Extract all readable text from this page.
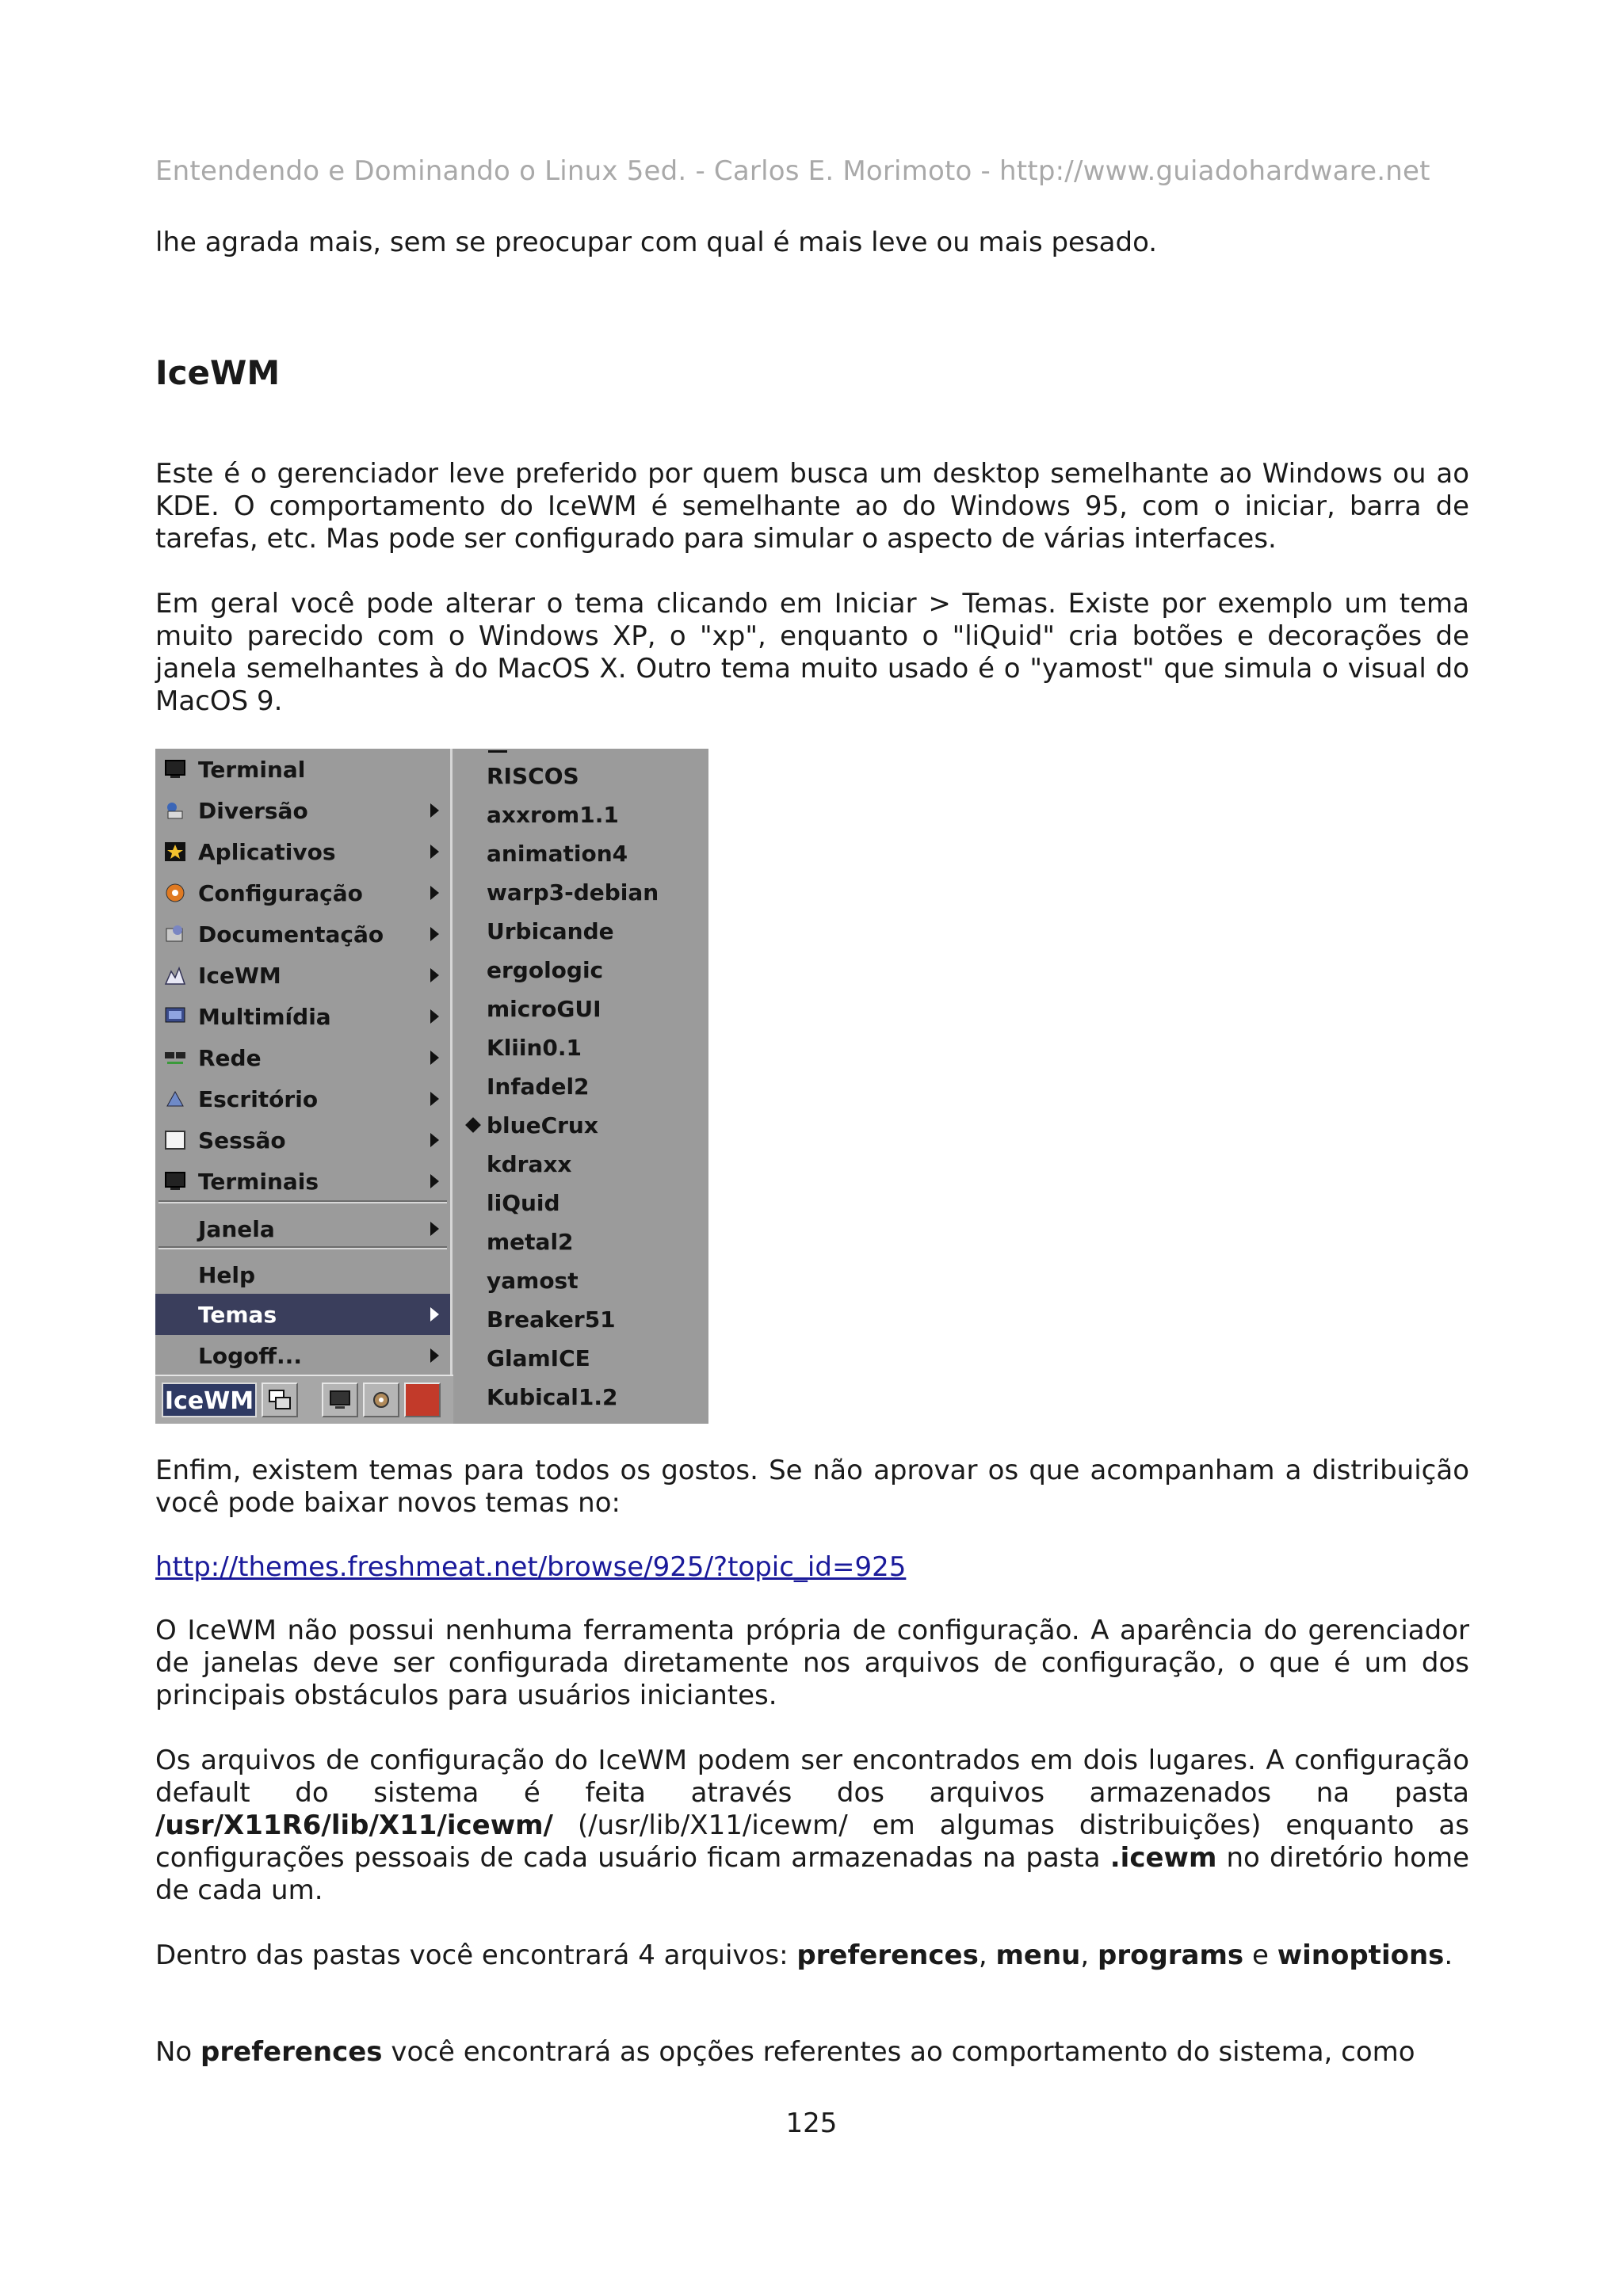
Entendendo e Dominando o Linux 5ed. - Carlos E. Morimoto - http://www.guiadohardware.net
lhe agrada mais, sem se preocupar com qual é mais leve ou mais pesado.
IceWM
Este é o gerenciador leve preferido por quem busca um desktop semelhante ao Windows ou ao KDE. O comportamento do IceWM é semelhante ao do Windows 95, com o iniciar, barra de tarefas, etc. Mas pode ser configurado para simular o aspecto de várias interfaces.
Em geral você pode alterar o tema clicando em Iniciar > Temas. Existe por exemplo um tema muito parecido com o Windows XP, o "xp", enquanto o "liQuid" cria botões e decorações de janela semelhantes à do MacOS X. Outro tema muito usado é o "yamost" que simula o visual do MacOS 9.
Terminal
Diversão
Aplicativos
Configuração
Documentação
IceWM
Multimídia
Rede
Escritório
Sessão
Terminais
Janela
Help
Temas
Logoff...
IceWM
RISCOS
axxrom1.1
animation4
warp3-debian
Urbicande
ergologic
microGUI
Kliin0.1
Infadel2
blueCrux
kdraxx
liQuid
metal2
yamost
Breaker51
GlamICE
Kubical1.2
Enfim, existem temas para todos os gostos. Se não aprovar os que acompanham a distribuição você pode baixar novos temas no:
http://themes.freshmeat.net/browse/925/?topic_id=925
O IceWM não possui nenhuma ferramenta própria de configuração. A aparência do gerenciador de janelas deve ser configurada diretamente nos arquivos de configuração, o que é um dos principais obstáculos para usuários iniciantes.
Os arquivos de configuração do IceWM podem ser encontrados em dois lugares. A configuração default do sistema é feita através dos arquivos armazenados na pasta /usr/X11R6/lib/X11/icewm/ (/usr/lib/X11/icewm/ em algumas distribuições) enquanto as configurações pessoais de cada usuário ficam armazenadas na pasta .icewm no diretório home de cada um.
Dentro das pastas você encontrará 4 arquivos: preferences, menu, programs e winoptions.
No preferences você encontrará as opções referentes ao comportamento do sistema, como
125
